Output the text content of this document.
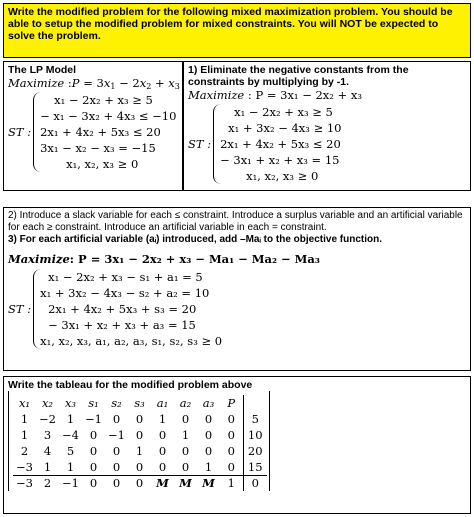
Write the modified problem for the following mixed maximization problem. You should be able to setup the modified problem for mixed constraints. You will NOT be expected to solve the problem.
The LP Model
Maximize :P = $3x_1 - 2x_2 + x_3$
ST :
x₁ − 2x₂ + x₃ ≥ 5
− x₁ − 3x₂ + 4x₃ ≤ −10
2x₁ + 4x₂ + 5x₃ ≤ 20
3x₁ − x₂ − x₃ = −15
x₁, x₂, x₃ ≥ 0
1) Eliminate the negative constants from the constraints by multiplying by -1.
Maximize : P = 3x₁ − 2x₂ + x₃
ST :
x₁ − 2x₂ + x₃ ≥ 5
x₁ + 3x₂ − 4x₃ ≥ 10
2x₁ + 4x₂ + 5x₃ ≤ 20
− 3x₁ + x₂ + x₃ = 15
x₁, x₂, x₃ ≥ 0
2) Introduce a slack variable for each ≤ constraint. Introduce a surplus variable and an artificial variable for each ≥ constraint. Introduce an artificial variable in each = constraint.
3) For each artificial variable (aᵢ) introduced, add –Maᵢ to the objective function.
Maximize: P = 3x₁ − 2x₂ + x₃ − Ma₁ − Ma₂ − Ma₃
ST :
x₁ − 2x₂ + x₃ − s₁ + a₁ = 5
x₁ + 3x₂ − 4x₃ − s₂ + a₂ = 10
2x₁ + 4x₂ + 5x₃ + s₃ = 20
− 3x₁ + x₂ + x₃ + a₃ = 15
x₁, x₂, x₃, a₁, a₂, a₃, s₁, s₂, s₃ ≥ 0
Write the tableau for the modified problem above
x₁	x₂	x₃	s₁	s₂	s₃	a₁	a₂	a₃	P	
1	−2	1	−1	0	0	1	0	0	0	5
1	3	−4	0	−1	0	0	1	0	0	10
2	4	5	0	0	1	0	0	0	0	20
−3	1	1	0	0	0	0	0	1	0	15
−3	2	−1	0	0	0	M	M	M	1	0
